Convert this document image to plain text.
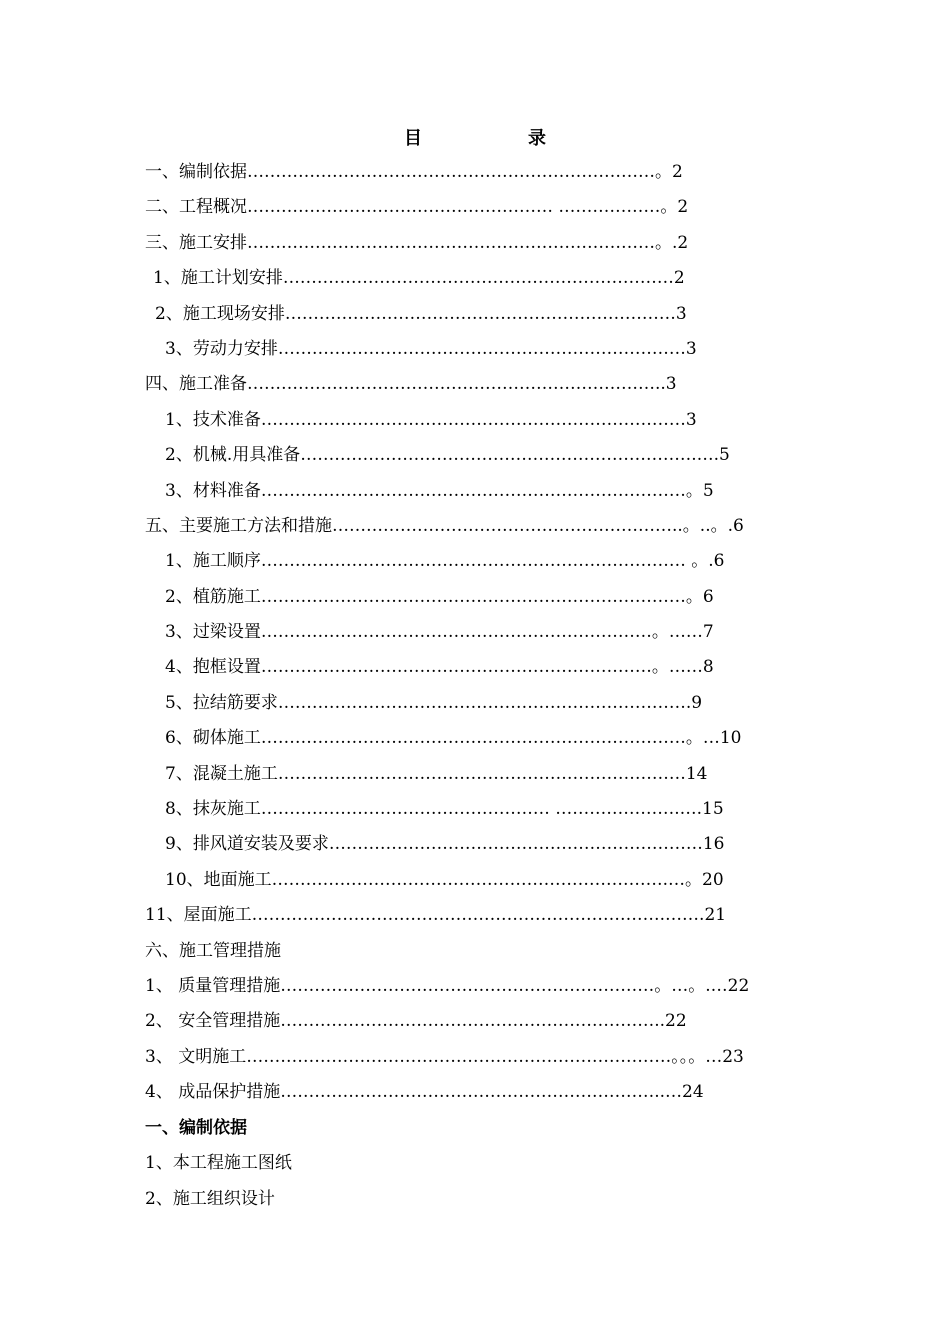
目　录
一、编制依据………………………………………………………………。2
二、工程概况……………………………………………… ………………。2
三、施工安排………………………………………………………………。.2
1、施工计划安排……………………………………………………………2
2、施工现场安排……………………………………………………………3
3、劳动力安排………………………………………………………………3
四、施工准备………………………………………………………………..3
1、技术准备…………………………………………………………………3
2、机械.用具准备…………………………………………………………….….5
3、材料准备…………………………………………………………………。5
五、主要施工方法和措施……………………………………………………..。..。.6
1、施工顺序………………………………………………………………… 。.6
2、植筋施工…………………………………………………………………。6
3、过梁设置……………………………………………………………。……7
4、抱框设置……………………………………………………………。……8
5、拉结筋要求……………………………………………………………….9
6、砌体施工…………………………………………………………………。…10
7、混凝土施工………………………………………………………………14
8、抹灰施工…………………………………………… ………………….….15
9、排风道安装及要求…………………………………………………………16
10、地面施工…………………………………………………………….…。20
11、屋面施工……………………………………………………………….…….21
六、施工管理措施
1、 质量管理措施…………………………………………………………。…。.…22
2、 安全管理措施…………………………………………………………..22
3、 文明施工…………………………………………………………………。。。…23
4、 成品保护措施…………………………………………………………..…24
一、编制依据
1、本工程施工图纸
2、施工组织设计
